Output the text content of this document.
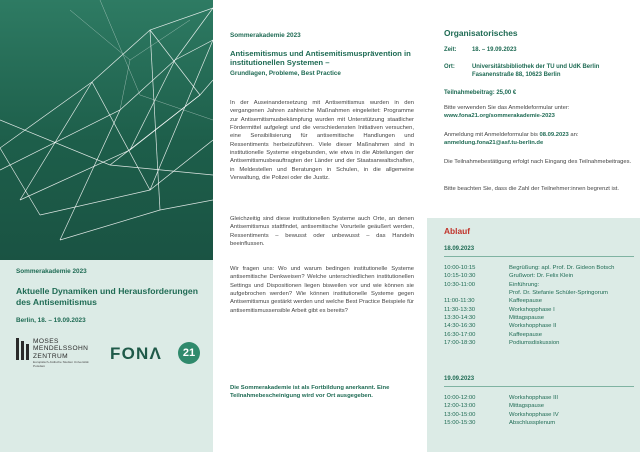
Sommerakademie 2023
Aktuelle Dynamiken und Herausforderungen des Antisemitismus
Berlin, 18. – 19.09.2023
MOSES
MENDELSSOHN
ZENTRUM
Europäisch-Jüdische Studien Universität Potsdam
FONΛ	21
Sommerakademie 2023
Antisemitismus und Antisemitismusprävention in institutionellen Systemen –
Grundlagen, Probleme, Best Practice
In der Auseinandersetzung mit Antisemitismus wurden in den vergangenen Jahren zahlreiche Maßnahmen eingeleitet: Programme zur Antisemitismusbekämpfung wurden mit Unterstützung staatlicher Fördermittel aufgelegt und die verschiedensten Initiativen versuchen, eine Sensibilisierung für antisemitische Handlungen und Ressentiments herbeizuführen. Viele dieser Maßnahmen sind in institutionelle Systeme eingebunden, wie etwa in die Abteilungen der Antisemitismusbeauftragten der Länder und der Staatsanwaltschaften, in Meldestellen und Beratungen in Schulen, in die allgemeine Verwaltung, die Polizei oder die Justiz.
Gleichzeitig sind diese institutionellen Systeme auch Orte, an denen Antisemitismus stattfindet, antisemitische Vorurteile geäußert werden, Ressentiments – bewusst oder unbewusst – das Handeln beeinflussen.
Wir fragen uns: Wo und warum bedingen institutionelle Systeme antisemitische Denkweisen? Welche unterschiedlichen institutionellen Settings und Dispositionen liegen bisweilen vor und wie können sie aufgebrochen werden? Wie können institutionelle Systeme gegen Antisemitismus gestärkt werden und welche Best Practice Beispiele für antisemitismussensible Arbeit gibt es bereits?
Die Sommerakademie ist als Fortbildung anerkannt. Eine Teilnahmebescheinigung wird vor Ort ausgegeben.
Organisatorisches
Zeit:	18. – 19.09.2023
Ort:	Universitätsbibliothek der TU und UdK Berlin
Fasanenstraße 88, 10623 Berlin
Teilnahmebeitrag: 25,00 €
Bitte verwenden Sie das Anmeldeformular unter:
www.fona21.org/sommerakademie-2023
Anmeldung mit Anmeldeformular bis 08.09.2023 an:
anmeldung.fona21@asf.tu-berlin.de
Die Teilnahmebestätigung erfolgt nach Eingang des Teilnahmebeitrages.
Bitte beachten Sie, dass die Zahl der Teilnehmer:innen begrenzt ist.
Ablauf
18.09.2023
10:00-10:15	Begrüßung: apl. Prof. Dr. Gideon Botsch
10:15-10:30	Grußwort: Dr. Felix Klein
10:30-11:00	Einführung:
Prof. Dr. Stefanie Schüler-Springorum
11:00-11:30	Kaffeepause
11:30-13:30	Workshopphase I
13:30-14:30	Mittagspause
14:30-16:30	Workshopphase II
16:30-17:00	Kaffeepause
17:00-18:30	Podiumsdiskussion
19.09.2023
10:00-12:00	Workshopphase III
12:00-13:00	Mittagspause
13:00-15:00	Workshopphase IV
15:00-15:30	Abschlussplenum
